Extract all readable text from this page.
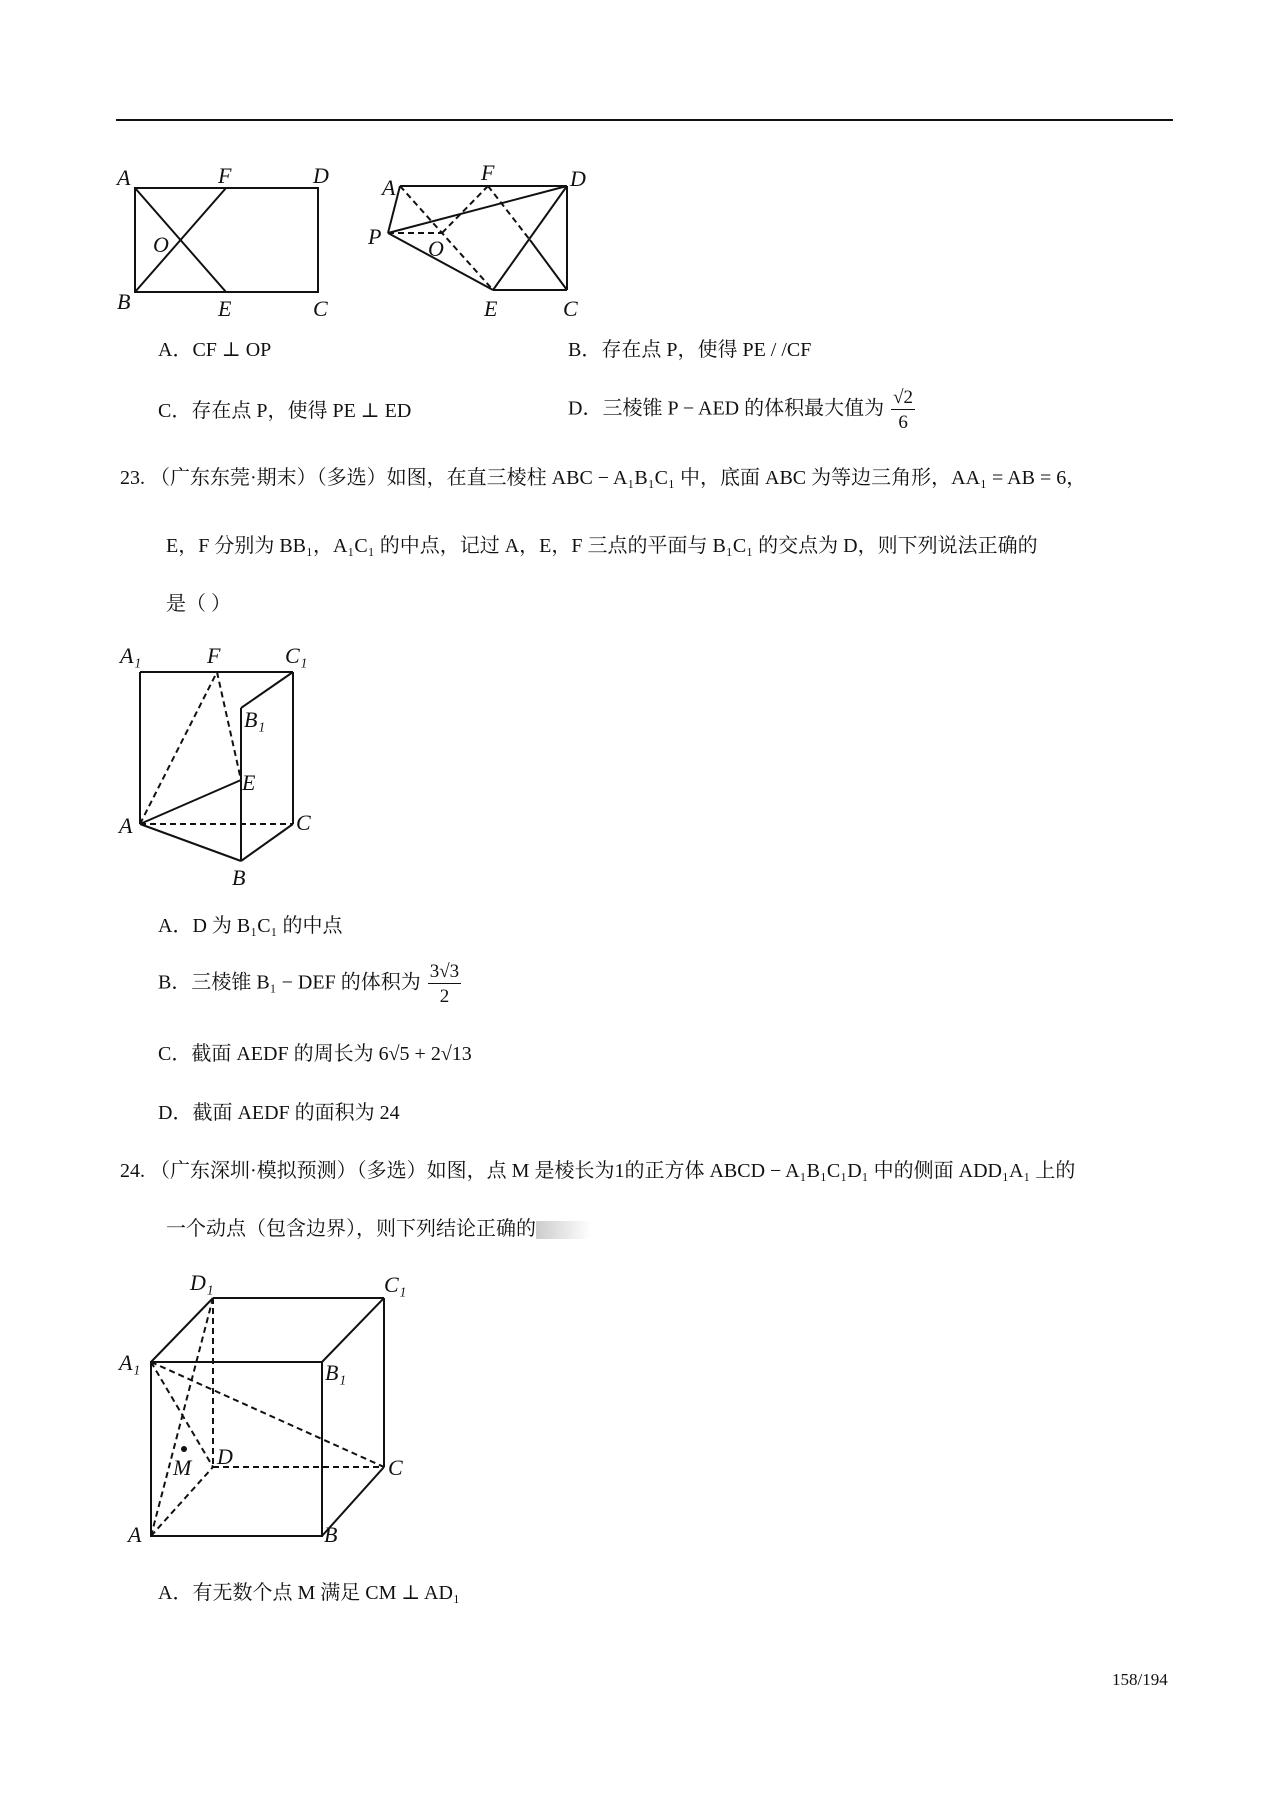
A	F	D
O
B	E	C
A
F	D
P O
E	C
A₁	F	C₁
B₁
E
A	C
B
D₁	C₁
A₁	B₁
D
M	C
A	B
A．CF ⊥ OP	B．存在点 P，使得 PE / /CF
C．存在点 P，使得 PE ⊥ ED	D．三棱锥 P − AED 的体积最大值为 $\frac{√2}{6}$
23. （广东东莞·期末）（多选）如图，在直三棱柱 ABC − A₁B₁C₁ 中，底面 ABC 为等边三角形，AA₁ = AB = 6，
E，F 分别为 BB₁，A₁C₁ 的中点，记过 A，E，F 三点的平面与 B₁C₁ 的交点为 D，则下列说法正确的
是（ ）
A．D 为 B₁C₁ 的中点
B．三棱锥 B₁ − DEF 的体积为 $\frac{3√3}{2}$
C．截面 AEDF 的周长为 6√5 + 2√13
D．截面 AEDF 的面积为 24
24. （广东深圳·模拟预测）（多选）如图，点 M 是棱长为1的正方体 ABCD − A₁B₁C₁D₁ 中的侧面 ADD₁A₁ 上的
一个动点（包含边界），则下列结论正确的
A．有无数个点 M 满足 CM ⊥ AD₁
158/194
